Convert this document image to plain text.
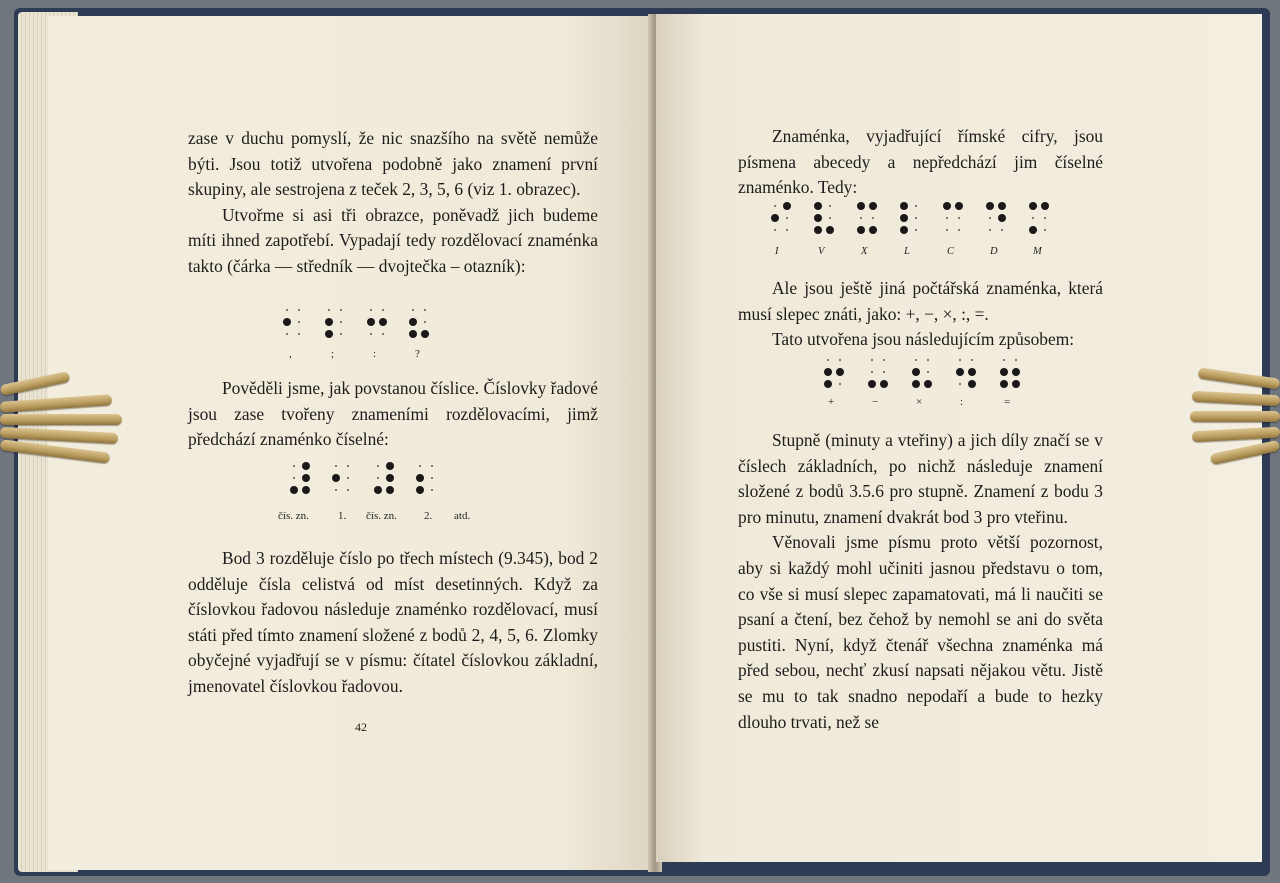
zase v duchu pomyslí, že nic snazšího na světě nemůže býti. Jsou totiž utvořena podobně jako znamení první skupiny, ale sestrojena z teček 2, 3, 5, 6 (viz 1. obrazec).

Utvořme si asi tři obrazce, poněvadž jich budeme míti ihned zapotřebí. Vypadají tedy rozdělovací znaménka takto (čárka — středník — dvojtečka – otazník):

,	;	:	?

Pověděli jsme, jak povstanou číslice. Číslovky řadové jsou zase tvořeny znameními rozdělovacími, jimž předchází znaménko číselné:

čís. zn.	1. čís. zn. 2. atd.

Bod 3 rozděluje číslo po třech místech (9.345), bod 2 odděluje čísla celistvá od míst desetinných. Když za číslovkou řadovou následuje znaménko rozdělovací, musí státi před tímto znamení složené z bodů 2, 4, 5, 6. Zlomky obyčejné vyjadřují se v písmu: čítatel číslovkou základní, jmenovatel číslovkou řadovou.

42

Znaménka, vyjadřující římské cifry, jsou písmena abecedy a nepředchází jim číselné znaménko. Tedy:

I	V	X	L	C	D	M

Ale jsou ještě jiná počtářská znaménka, která musí slepec znáti, jako: +, −, ×, :, =.

Tato utvořena jsou následujícím způsobem:

+	−	×	:	=

Stupně (minuty a vteřiny) a jich díly značí se v číslech základních, po nichž následuje znamení složené z bodů 3.5.6 pro stupně. Znamení z bodu 3 pro minutu, znamení dvakrát bod 3 pro vteřinu.

Věnovali jsme písmu proto větší pozornost, aby si každý mohl učiniti jasnou představu o tom, co vše si musí slepec zapamatovati, má li naučiti se psaní a čtení, bez čehož by nemohl se ani do světa pustiti. Nyní, když čtenář všechna znaménka má před sebou, nechť zkusí napsati nějakou větu. Jistě se mu to tak snadno nepodaří a bude to hezky dlouho trvati, než se
